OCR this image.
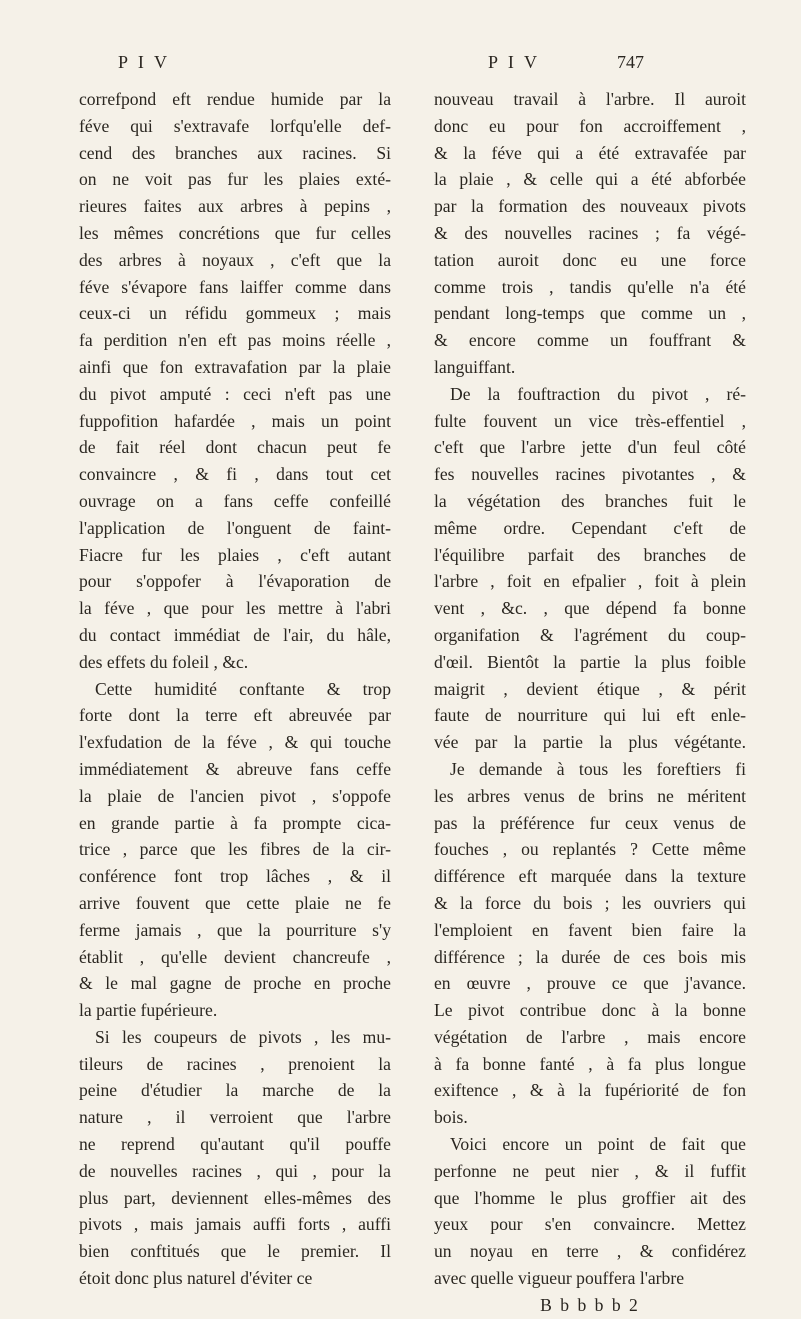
P I V	P I V	747
correfpond eft rendue humide par la
féve qui s'extravafe lorfqu'elle def-
cend des branches aux racines. Si
on ne voit pas fur les plaies exté-
rieures faites aux arbres à pepins ,
les mêmes concrétions que fur celles
des arbres à noyaux , c'eft que la
féve s'évapore fans laiffer comme dans
ceux-ci un réfidu gommeux ; mais
fa perdition n'en eft pas moins réelle ,
ainfi que fon extravafation par la plaie
du pivot amputé : ceci n'eft pas une
fuppofition hafardée , mais un point
de fait réel dont chacun peut fe
convaincre , & fi , dans tout cet
ouvrage on a fans ceffe confeillé
l'application de l'onguent de faint-
Fiacre fur les plaies , c'eft autant
pour s'oppofer à l'évaporation de
la féve , que pour les mettre à l'abri
du contact immédiat de l'air, du hâle,
des effets du foleil , &c.
Cette humidité conftante & trop
forte dont la terre eft abreuvée par
l'exfudation de la féve , & qui touche
immédiatement & abreuve fans ceffe
la plaie de l'ancien pivot , s'oppofe
en grande partie à fa prompte cica-
trice , parce que les fibres de la cir-
conférence font trop lâches , & il
arrive fouvent que cette plaie ne fe
ferme jamais , que la pourriture s'y
établit , qu'elle devient chancreufe ,
& le mal gagne de proche en proche
la partie fupérieure.
Si les coupeurs de pivots , les mu-
tileurs de racines , prenoient la
peine d'étudier la marche de la
nature , il verroient que l'arbre
ne reprend qu'autant qu'il pouffe
de nouvelles racines , qui , pour la
plus part, deviennent elles-mêmes des
pivots , mais jamais auffi forts , auffi
bien conftitués que le premier. Il
étoit donc plus naturel d'éviter ce
nouveau travail à l'arbre. Il auroit
donc eu pour fon accroiffement ,
& la féve qui a été extravafée par
la plaie , & celle qui a été abforbée
par la formation des nouveaux pivots
& des nouvelles racines ; fa végé-
tation auroit donc eu une force
comme trois , tandis qu'elle n'a été
pendant long-temps que comme un ,
& encore comme un fouffrant &
languiffant.
De la fouftraction du pivot , ré-
fulte fouvent un vice très-effentiel ,
c'eft que l'arbre jette d'un feul côté
fes nouvelles racines pivotantes , &
la végétation des branches fuit le
même ordre. Cependant c'eft de
l'équilibre parfait des branches de
l'arbre , foit en efpalier , foit à plein
vent , &c. , que dépend fa bonne
organifation & l'agrément du coup-
d'œil. Bientôt la partie la plus foible
maigrit , devient étique , & périt
faute de nourriture qui lui eft enle-
vée par la partie la plus végétante.
Je demande à tous les foreftiers fi
les arbres venus de brins ne méritent
pas la préférence fur ceux venus de
fouches , ou replantés ? Cette même
différence eft marquée dans la texture
& la force du bois ; les ouvriers qui
l'emploient en favent bien faire la
différence ; la durée de ces bois mis
en œuvre , prouve ce que j'avance.
Le pivot contribue donc à la bonne
végétation de l'arbre , mais encore
à fa bonne fanté , à fa plus longue
exiftence , & à la fupériorité de fon
bois.
Voici encore un point de fait que
perfonne ne peut nier , & il fuffit
que l'homme le plus groffier ait des
yeux pour s'en convaincre. Mettez
un noyau en terre , & confidérez
avec quelle vigueur pouffera l'arbre
B b b b b 2
